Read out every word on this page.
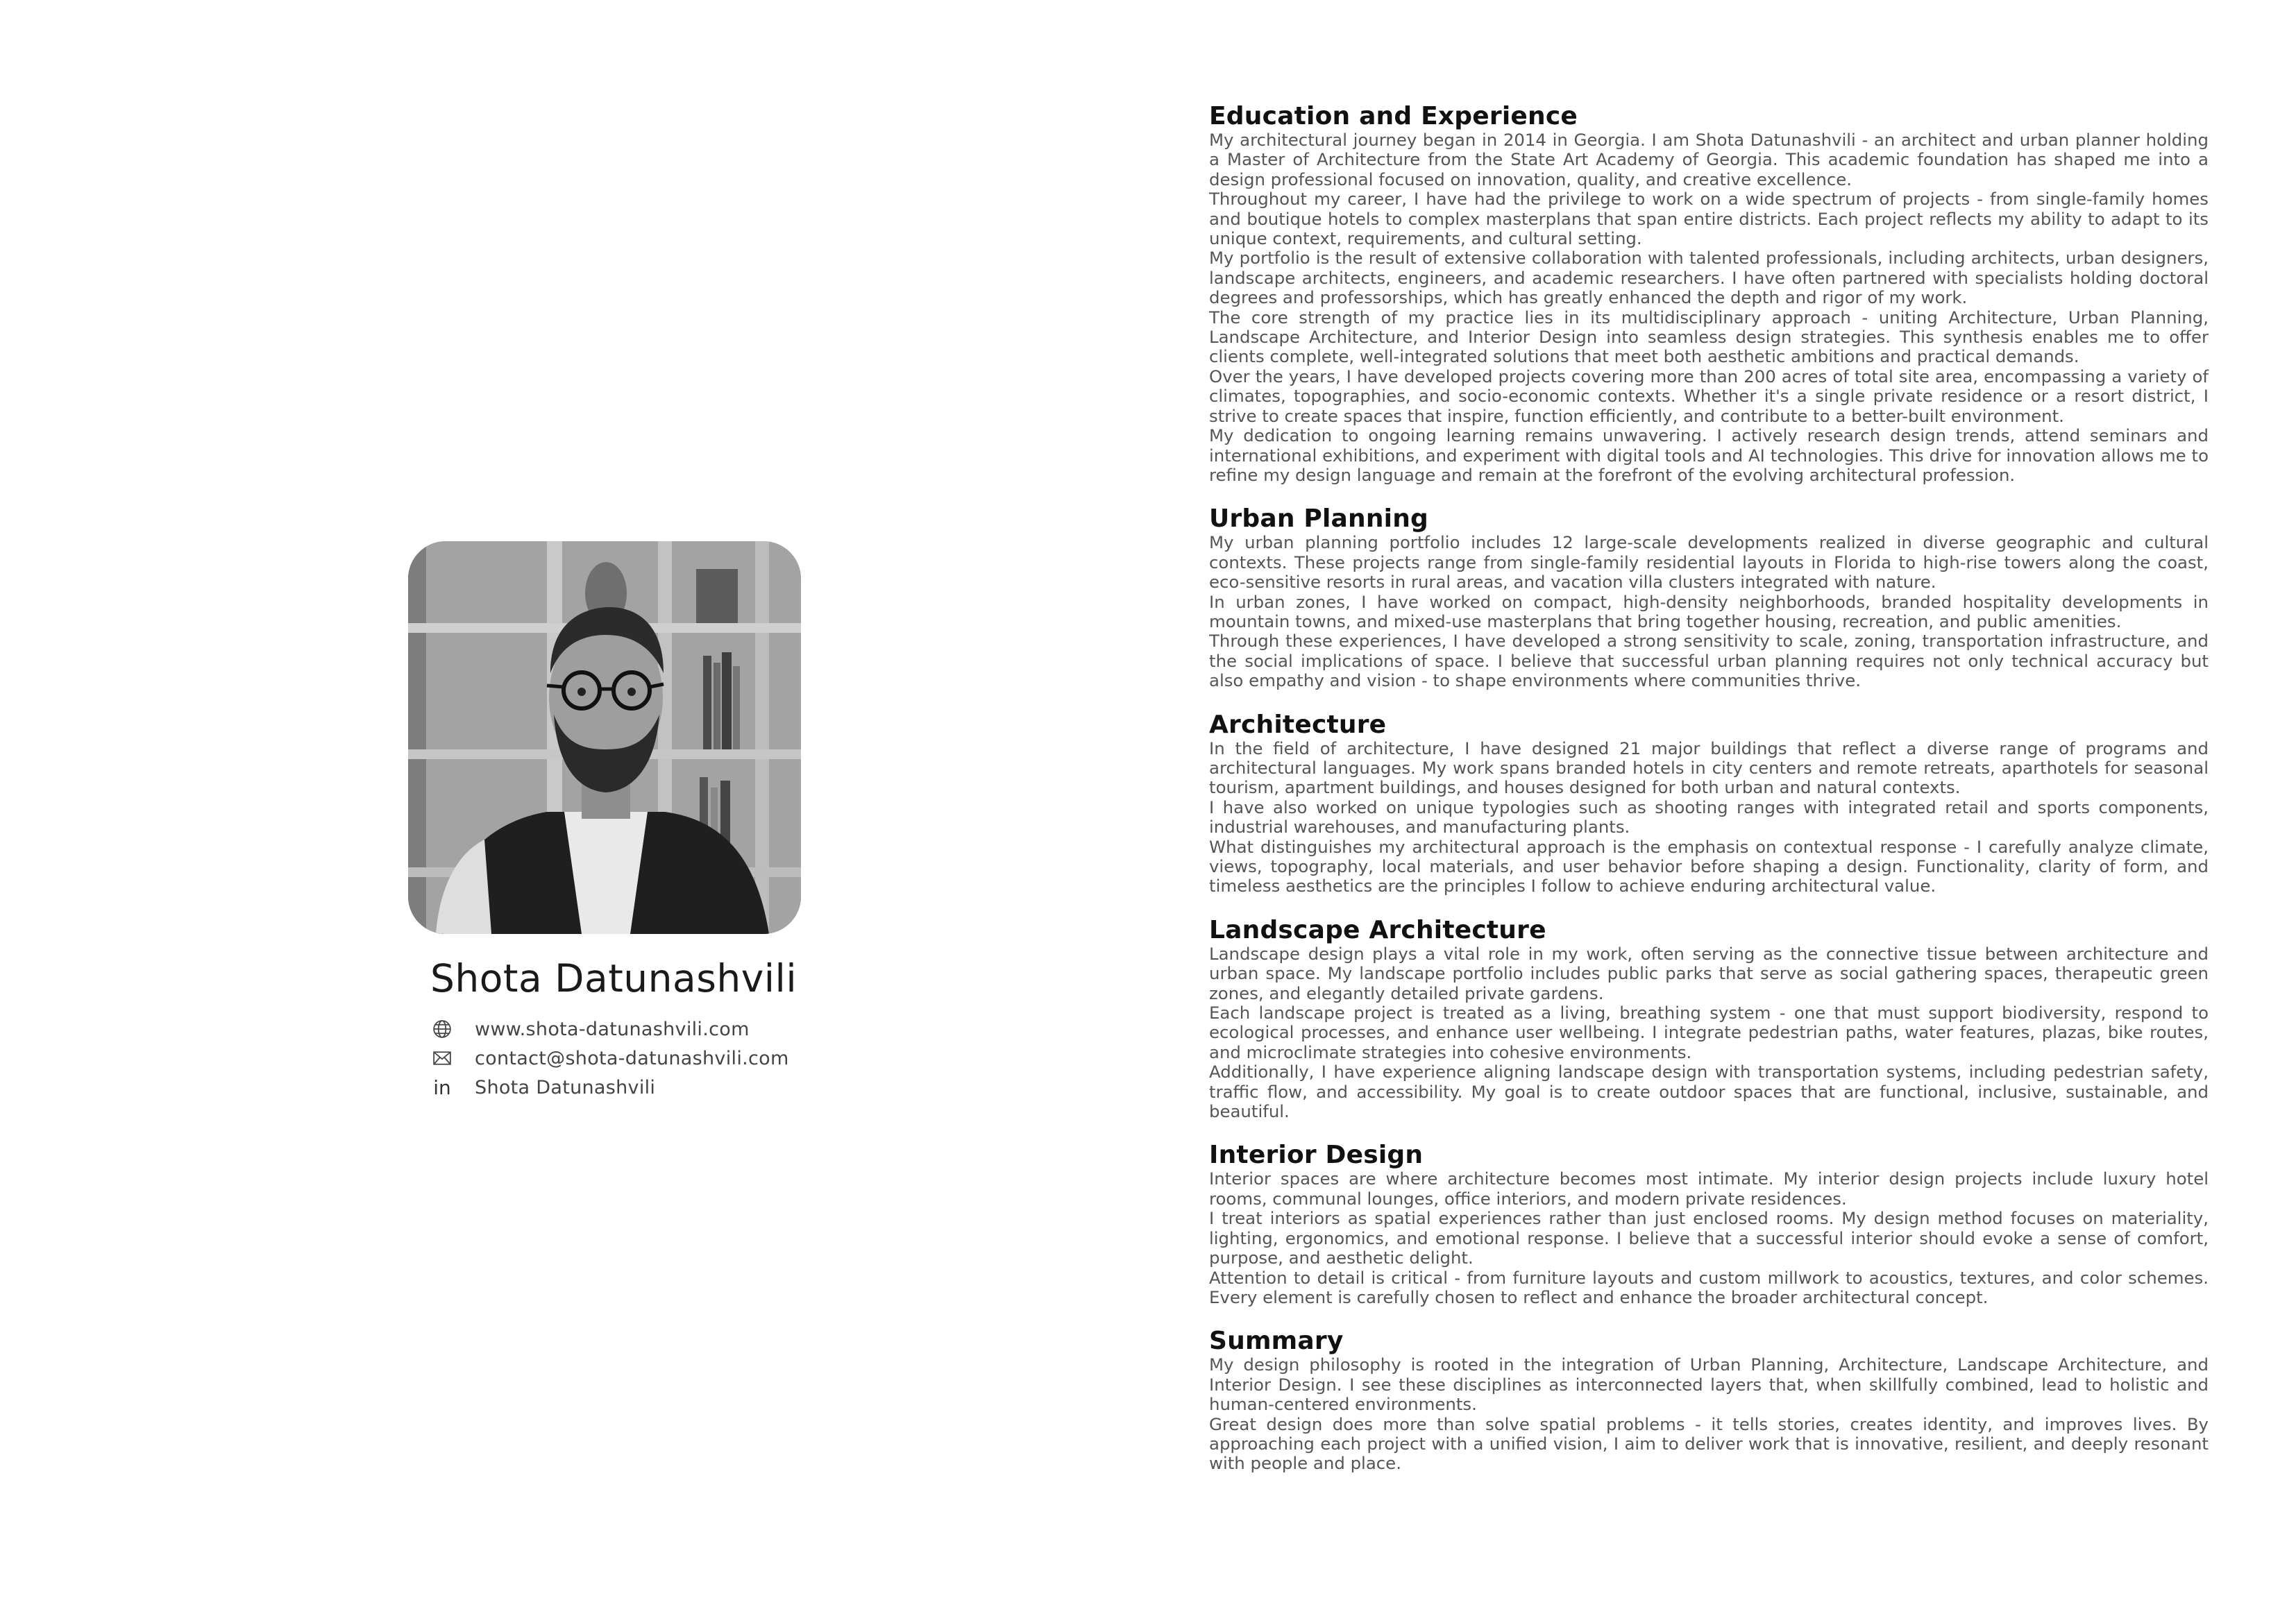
Shota Datunashvili
www.shota-datunashvili.com
contact@shota-datunashvili.com
in Shota Datunashvili
Education and Experience

My architectural journey began in 2014 in Georgia. I am Shota Datunashvili - an architect and urban planner holding a Master of Architecture from the State Art Academy of Georgia. This academic foundation has shaped me into a design professional focused on innovation, quality, and creative excellence.

Throughout my career, I have had the privilege to work on a wide spectrum of projects - from single-family homes and boutique hotels to complex masterplans that span entire districts. Each project reflects my ability to adapt to its unique context, requirements, and cultural setting.

My portfolio is the result of extensive collaboration with talented professionals, including architects, urban designers, landscape architects, engineers, and academic researchers. I have often partnered with specialists holding doctoral degrees and professorships, which has greatly enhanced the depth and rigor of my work.

The core strength of my practice lies in its multidisciplinary approach - uniting Architecture, Urban Planning, Landscape Architecture, and Interior Design into seamless design strategies. This synthesis enables me to offer clients complete, well-integrated solutions that meet both aesthetic ambitions and practical demands.

Over the years, I have developed projects covering more than 200 acres of total site area, encompassing a variety of climates, topographies, and socio-economic contexts. Whether it's a single private residence or a resort district, I strive to create spaces that inspire, function efficiently, and contribute to a better-built environment.

My dedication to ongoing learning remains unwavering. I actively research design trends, attend seminars and international exhibitions, and experiment with digital tools and AI technologies. This drive for innovation allows me to refine my design language and remain at the forefront of the evolving architectural profession.

Urban Planning

My urban planning portfolio includes 12 large-scale developments realized in diverse geographic and cultural contexts. These projects range from single-family residential layouts in Florida to high-rise towers along the coast, eco-sensitive resorts in rural areas, and vacation villa clusters integrated with nature.

In urban zones, I have worked on compact, high-density neighborhoods, branded hospitality developments in mountain towns, and mixed-use masterplans that bring together housing, recreation, and public amenities.

Through these experiences, I have developed a strong sensitivity to scale, zoning, transportation infrastructure, and the social implications of space. I believe that successful urban planning requires not only technical accuracy but also empathy and vision - to shape environments where communities thrive.

Architecture

In the field of architecture, I have designed 21 major buildings that reflect a diverse range of programs and architectural languages. My work spans branded hotels in city centers and remote retreats, aparthotels for seasonal tourism, apartment buildings, and houses designed for both urban and natural contexts.

I have also worked on unique typologies such as shooting ranges with integrated retail and sports components, industrial warehouses, and manufacturing plants.

What distinguishes my architectural approach is the emphasis on contextual response - I carefully analyze climate, views, topography, local materials, and user behavior before shaping a design. Functionality, clarity of form, and timeless aesthetics are the principles I follow to achieve enduring architectural value.

Landscape Architecture

Landscape design plays a vital role in my work, often serving as the connective tissue between architecture and urban space. My landscape portfolio includes public parks that serve as social gathering spaces, therapeutic green zones, and elegantly detailed private gardens.

Each landscape project is treated as a living, breathing system - one that must support biodiversity, respond to ecological processes, and enhance user wellbeing. I integrate pedestrian paths, water features, plazas, bike routes, and microclimate strategies into cohesive environments.

Additionally, I have experience aligning landscape design with transportation systems, including pedestrian safety, traffic flow, and accessibility. My goal is to create outdoor spaces that are functional, inclusive, sustainable, and beautiful.

Interior Design

Interior spaces are where architecture becomes most intimate. My interior design projects include luxury hotel rooms, communal lounges, office interiors, and modern private residences.

I treat interiors as spatial experiences rather than just enclosed rooms. My design method focuses on materiality, lighting, ergonomics, and emotional response. I believe that a successful interior should evoke a sense of comfort, purpose, and aesthetic delight.

Attention to detail is critical - from furniture layouts and custom millwork to acoustics, textures, and color schemes. Every element is carefully chosen to reflect and enhance the broader architectural concept.

Summary

My design philosophy is rooted in the integration of Urban Planning, Architecture, Landscape Architecture, and Interior Design. I see these disciplines as interconnected layers that, when skillfully combined, lead to holistic and human-centered environments.

Great design does more than solve spatial problems - it tells stories, creates identity, and improves lives. By approaching each project with a unified vision, I aim to deliver work that is innovative, resilient, and deeply resonant with people and place.
